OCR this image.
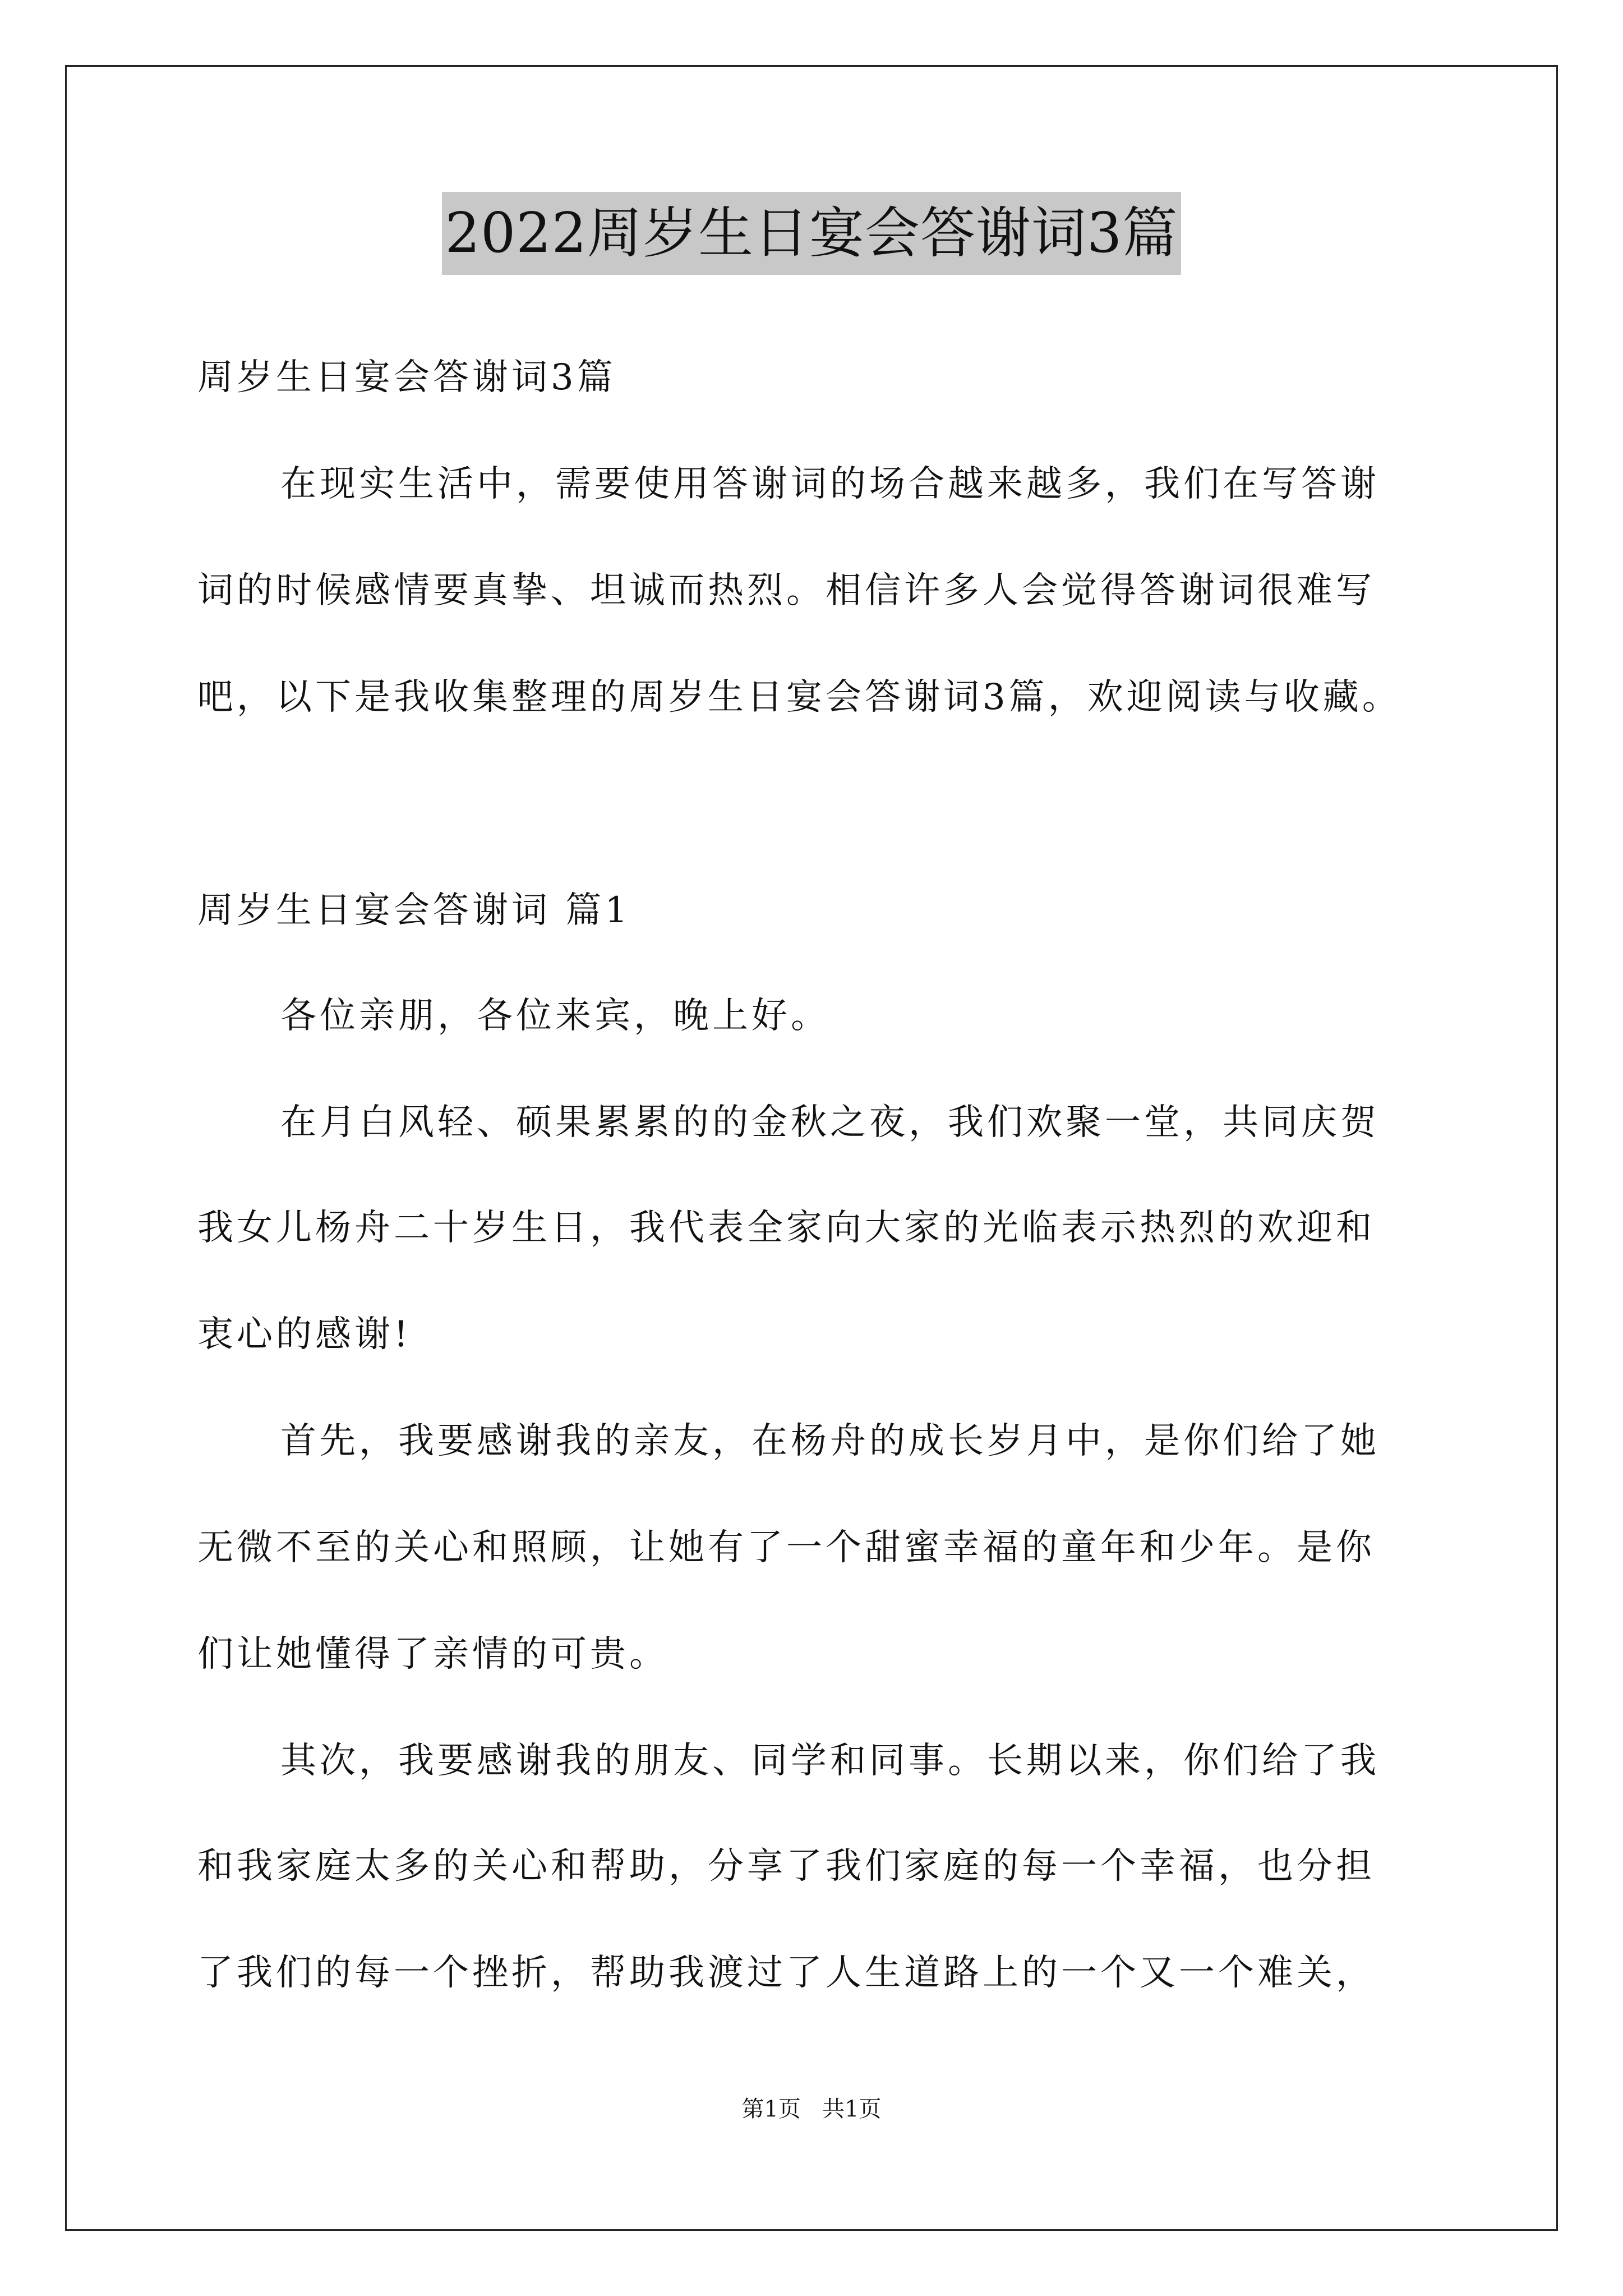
2022周岁生日宴会答谢词3篇
周岁生日宴会答谢词3篇
在现实生活中，需要使用答谢词的场合越来越多，我们在写答谢
词的时候感情要真挚、坦诚而热烈。相信许多人会觉得答谢词很难写
吧，以下是我收集整理的周岁生日宴会答谢词3篇，欢迎阅读与收藏。
周岁生日宴会答谢词 篇1
各位亲朋，各位来宾，晚上好。
在月白风轻、硕果累累的的金秋之夜，我们欢聚一堂，共同庆贺
我女儿杨舟二十岁生日，我代表全家向大家的光临表示热烈的欢迎和
衷心的感谢!
首先，我要感谢我的亲友，在杨舟的成长岁月中，是你们给了她
无微不至的关心和照顾，让她有了一个甜蜜幸福的童年和少年。是你
们让她懂得了亲情的可贵。
其次，我要感谢我的朋友、同学和同事。长期以来，你们给了我
和我家庭太多的关心和帮助，分享了我们家庭的每一个幸福，也分担
了我们的每一个挫折，帮助我渡过了人生道路上的一个又一个难关，
第1页   共1页
